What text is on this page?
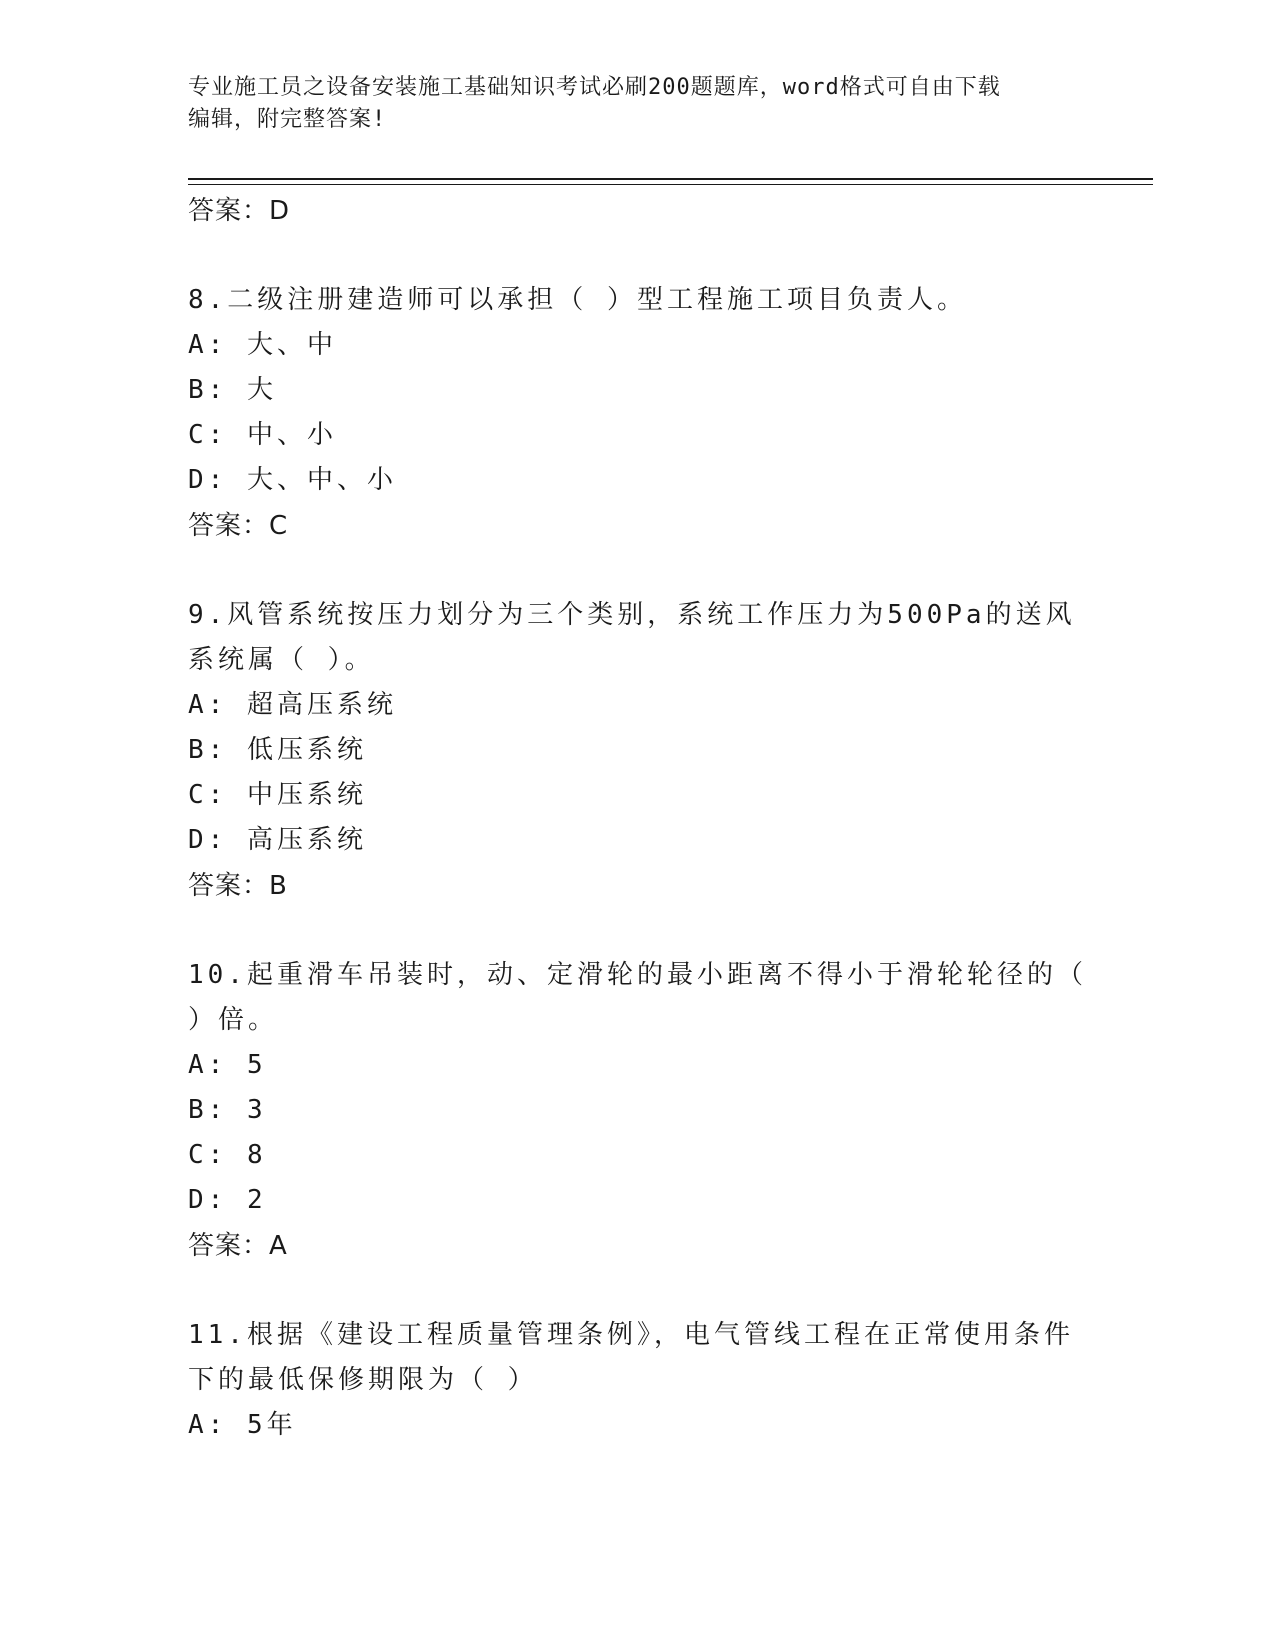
专业施工员之设备安装施工基础知识考试必刷200题题库，word格式可自由下载
编辑，附完整答案!
答案：D

8.二级注册建造师可以承担（ ）型工程施工项目负责人。

A: 大、中
B: 大
C: 中、小
D: 大、中、小
答案：C

9.风管系统按压力划分为三个类别，系统工作压力为500Pa的送风系统属（ ）。

A: 超高压系统
B: 低压系统
C: 中压系统
D: 高压系统
答案：B

10.起重滑车吊装时，动、定滑轮的最小距离不得小于滑轮轮径的（ ）倍。

A: 5
B: 3
C: 8
D: 2
答案：A

11.根据《建设工程质量管理条例》，电气管线工程在正常使用条件下的最低保修期限为（ ）

A: 5年
